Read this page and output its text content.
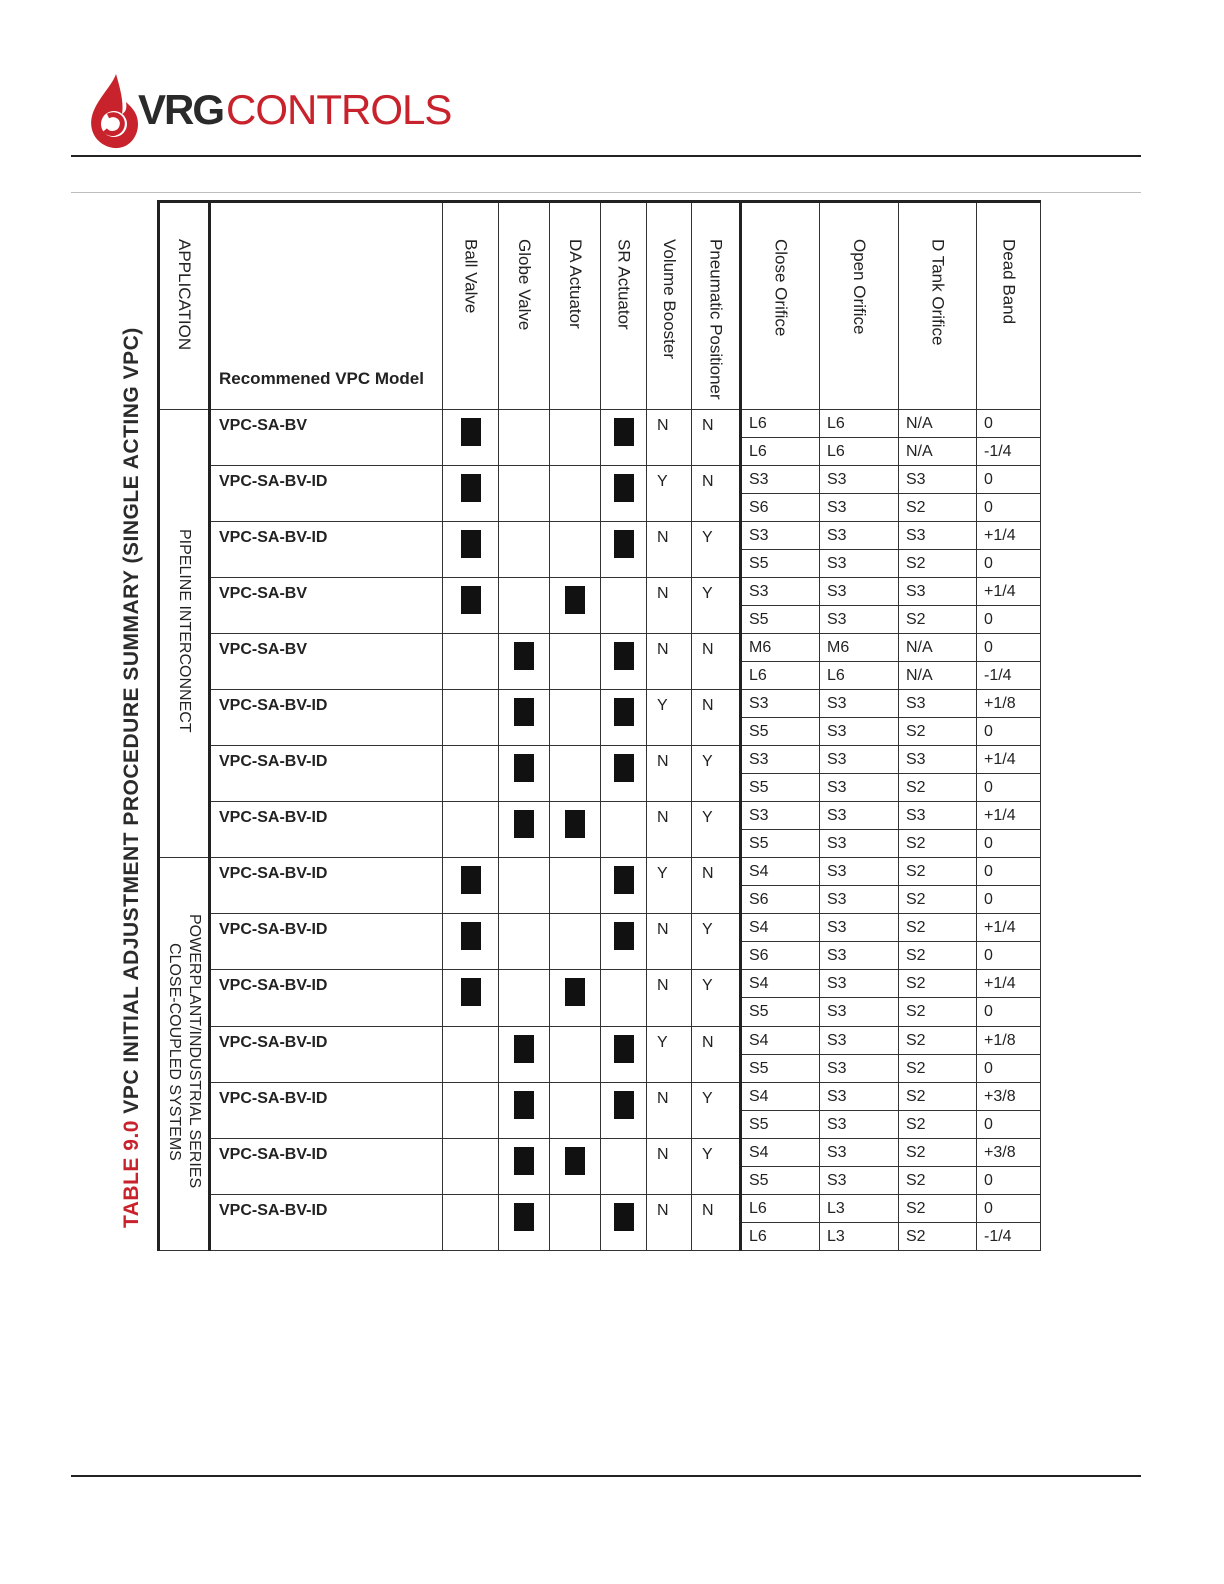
VRG CONTROLS
TABLE 9.0 VPC INITIAL ADJUSTMENT PROCEDURE SUMMARY (SINGLE ACTING VPC)
APPLICATION	Recommened VPC Model	Ball Valve	Globe Valve	DA Actuator	SR Actuator	Volume Booster	Pneumatic Positioner	Close Orifice	Open Orifice	D Tank Orifice	Dead Band

PIPELINE INTERCONNECT	VPC-SA-BV					N	N	L6	L6	N/A	0
								L6	L6	N/A	-1/4
	VPC-SA-BV-ID					Y	N	S3	S3	S3	0
								S6	S3	S2	0
	VPC-SA-BV-ID					N	Y	S3	S3	S3	+1/4
								S5	S3	S2	0
	VPC-SA-BV					N	Y	S3	S3	S3	+1/4
								S5	S3	S2	0
	VPC-SA-BV					N	N	M6	M6	N/A	0
								L6	L6	N/A	-1/4
	VPC-SA-BV-ID					Y	N	S3	S3	S3	+1/8
								S5	S3	S2	0
	VPC-SA-BV-ID					N	Y	S3	S3	S3	+1/4
								S5	S3	S2	0
	VPC-SA-BV-ID					N	Y	S3	S3	S3	+1/4
								S5	S3	S2	0

POWERPLANT/INDUSTRIAL SERIES
CLOSE-COUPLED SYSTEMS	VPC-SA-BV-ID					Y	N	S4	S3	S2	0
								S6	S3	S2	0
	VPC-SA-BV-ID					N	Y	S4	S3	S2	+1/4
								S6	S3	S2	0
	VPC-SA-BV-ID					N	Y	S4	S3	S2	+1/4
								S5	S3	S2	0
	VPC-SA-BV-ID					Y	N	S4	S3	S2	+1/8
								S5	S3	S2	0
	VPC-SA-BV-ID					N	Y	S4	S3	S2	+3/8
								S5	S3	S2	0
	VPC-SA-BV-ID					N	Y	S4	S3	S2	+3/8
								S5	S3	S2	0
	VPC-SA-BV-ID					N	N	L6	L3	S2	0
								L6	L3	S2	-1/4
